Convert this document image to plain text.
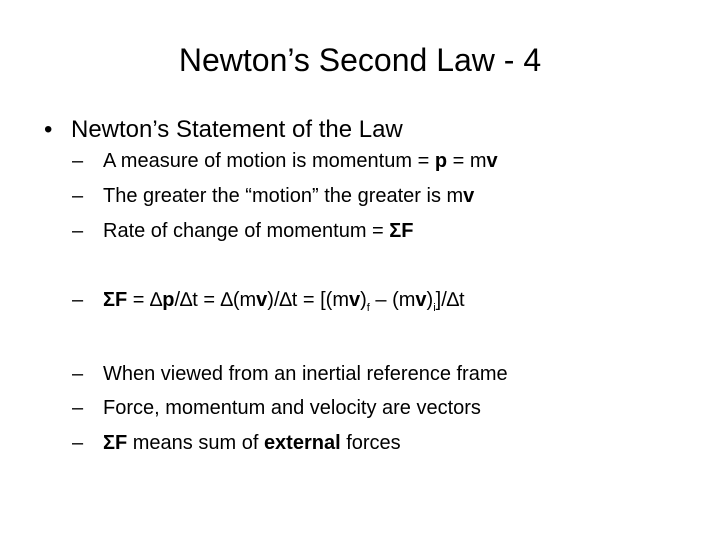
Newton’s Second Law - 4
• Newton’s Statement of the Law
– A measure of motion is momentum = p = mv
– The greater the “motion” the greater is mv
– Rate of change of momentum = ΣF
– $\Sigma F = \Delta p/\Delta t = \Delta(mv)/\Delta t = [(mv)_f - (mv)_i]/\Delta t$
– When viewed from an inertial reference frame
– Force, momentum and velocity are vectors
– ΣF means sum of external forces
